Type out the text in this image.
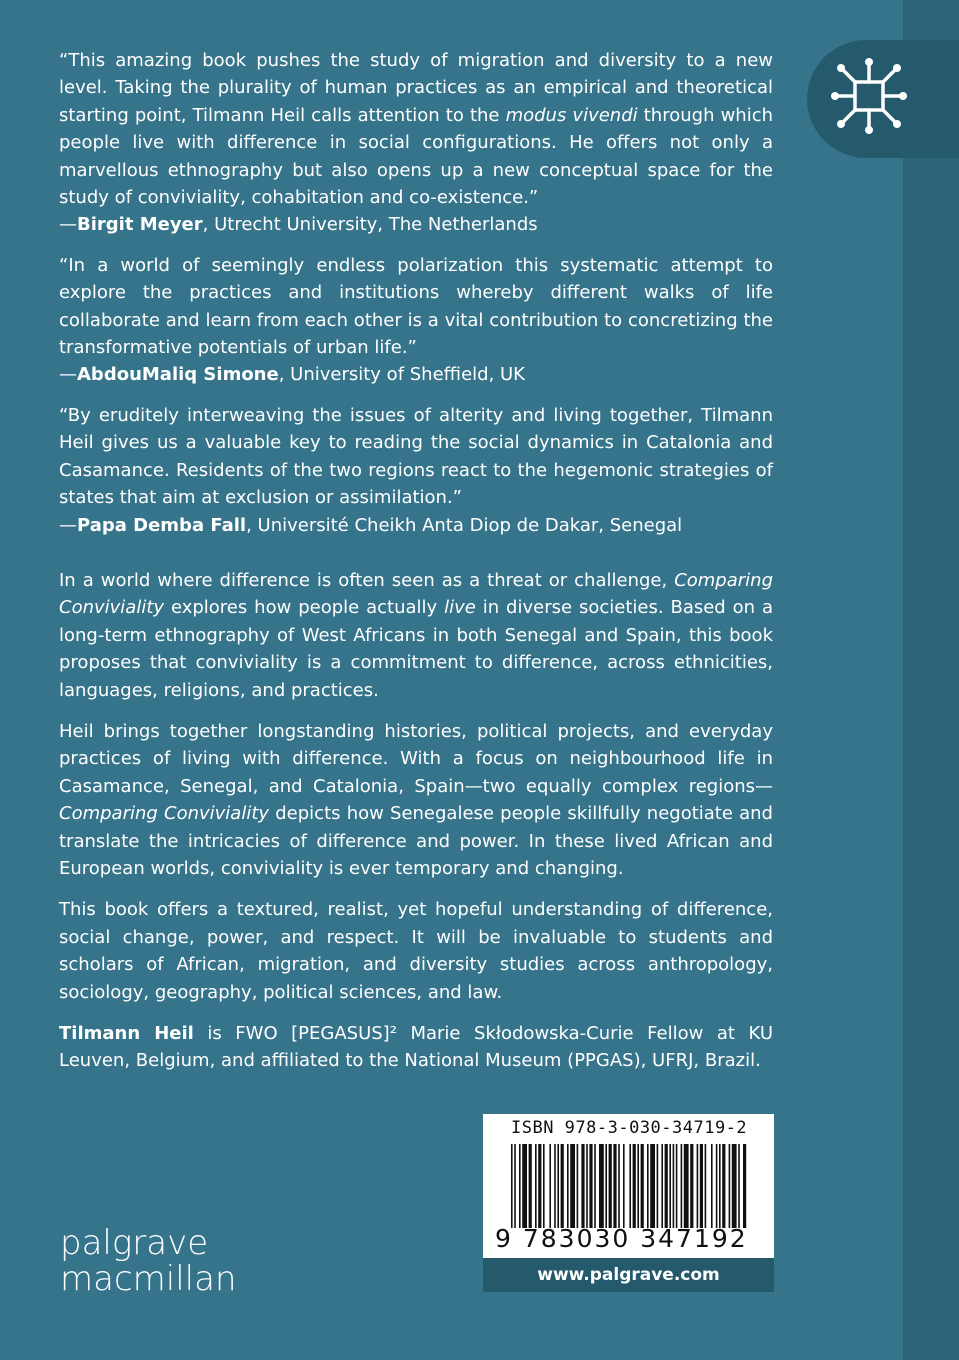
“This amazing book pushes the study of migration and diversity to a new level. Taking the plurality of human practices as an empirical and theoretical starting point, Tilmann Heil calls attention to the modus vivendi through which people live with difference in social configurations. He offers not only a marvellous ethnography but also opens up a new conceptual space for the study of conviviality, cohabitation and co-existence.”

—Birgit Meyer, Utrecht University, The Netherlands

“In a world of seemingly endless polarization this systematic attempt to explore the practices and institutions whereby different walks of life collaborate and learn from each other is a vital contribution to concretizing the transformative potentials of urban life.”

—AbdouMaliq Simone, University of Sheffield, UK

“By eruditely interweaving the issues of alterity and living together, Tilmann Heil gives us a valuable key to reading the social dynamics in Catalonia and Casamance. Residents of the two regions react to the hegemonic strategies of states that aim at exclusion or assimilation.”

—Papa Demba Fall, Université Cheikh Anta Diop de Dakar, Senegal

In a world where difference is often seen as a threat or challenge, Comparing Conviviality explores how people actually live in diverse societies. Based on a long-term ethnography of West Africans in both Senegal and Spain, this book proposes that conviviality is a commitment to difference, across ethnicities, languages, religions, and practices.

Heil brings together longstanding histories, political projects, and everyday practices of living with difference. With a focus on neighbourhood life in Casamance, Senegal, and Catalonia, Spain—two equally complex regions—Comparing Conviviality depicts how Senegalese people skillfully negotiate and translate the intricacies of difference and power. In these lived African and European worlds, conviviality is ever temporary and changing.

This book offers a textured, realist, yet hopeful understanding of difference, social change, power, and respect. It will be invaluable to students and scholars of African, migration, and diversity studies across anthropology, sociology, geography, political sciences, and law.

Tilmann Heil is FWO [PEGASUS]² Marie Skłodowska-Curie Fellow at KU Leuven, Belgium, and affiliated to the National Museum (PPGAS), UFRJ, Brazil.

ISBN 978-3-030-34719-2
9 783030 347192
www.palgrave.com
palgrave
macmillan
